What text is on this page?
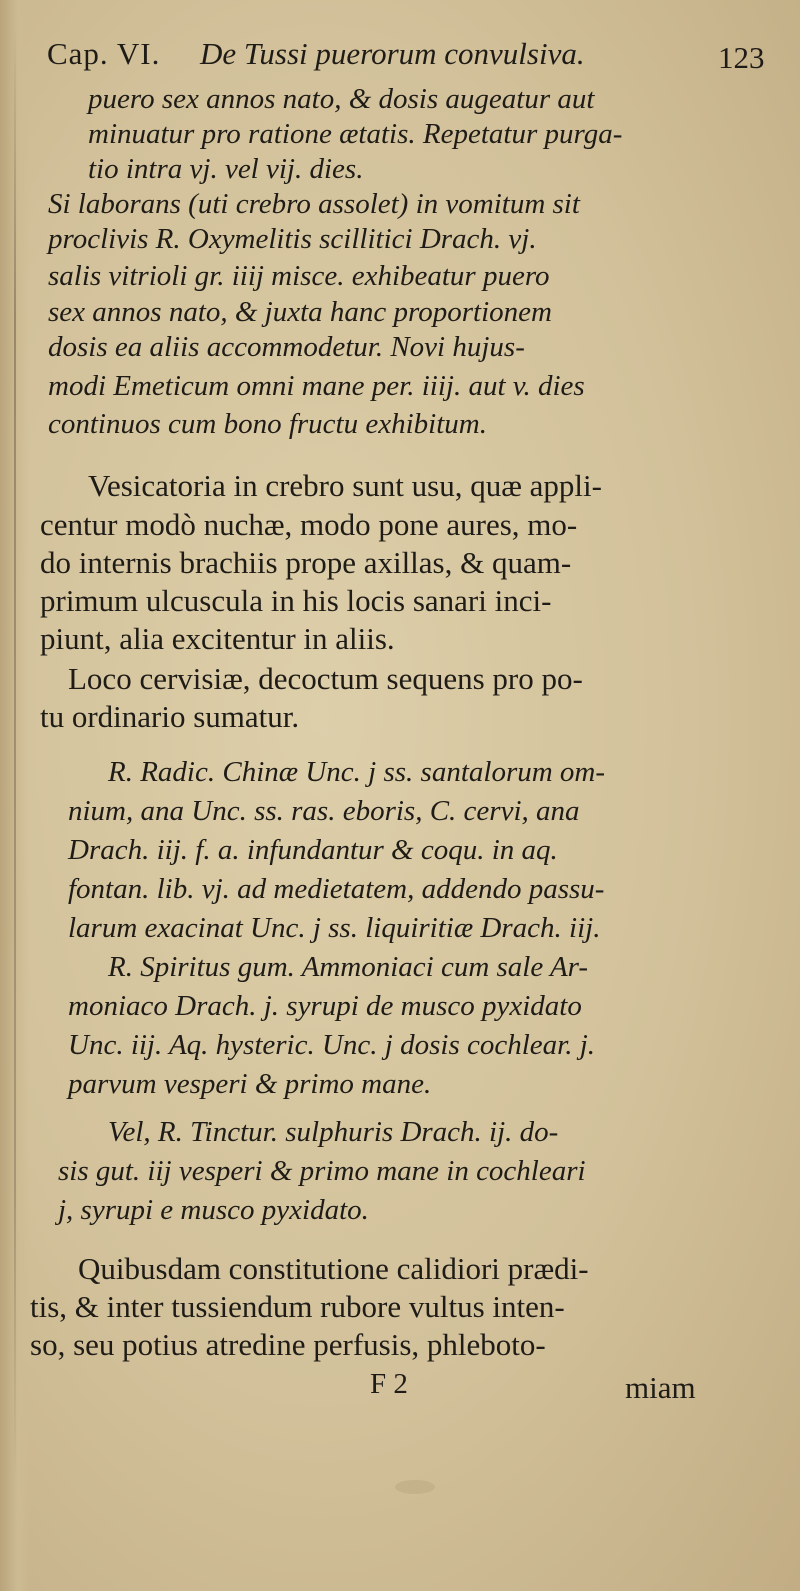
Cap. VI. De Tussi puerorum convulsiva.	123
puero sex annos nato, & dosis augeatur aut
minuatur pro ratione ætatis. Repetatur purga-
tio intra vj. vel vij. dies.
Si laborans (uti crebro assolet) in vomitum sit
proclivis R. Oxymelitis scillitici Drach. vj.
salis vitrioli gr. iiij misce. exhibeatur puero
sex annos nato, & juxta hanc proportionem
dosis ea aliis accommodetur. Novi hujus-
modi Emeticum omni mane per. iiij. aut v. dies
continuos cum bono fructu exhibitum.
Vesicatoria in crebro sunt usu, quæ appli-
centur modò nuchæ, modo pone aures, mo-
do internis brachiis prope axillas, & quam-
primum ulcuscula in his locis sanari inci-
piunt, alia excitentur in aliis.
Loco cervisiæ, decoctum sequens pro po-
tu ordinario sumatur.
R. Radic. Chinæ Unc. j ss. santalorum om-
nium, ana Unc. ss. ras. eboris, C. cervi, ana
Drach. iij. f. a. infundantur & coqu. in aq.
fontan. lib. vj. ad medietatem, addendo passu-
larum exacinat Unc. j ss. liquiritiæ Drach. iij.
R. Spiritus gum. Ammoniaci cum sale Ar-
moniaco Drach. j. syrupi de musco pyxidato
Unc. iij. Aq. hysteric. Unc. j dosis cochlear. j.
parvum vesperi & primo mane.
Vel, R. Tinctur. sulphuris Drach. ij. do-
sis gut. iij vesperi & primo mane in cochleari
j, syrupi e musco pyxidato.
Quibusdam constitutione calidiori prædi-
tis, & inter tussiendum rubore vultus inten-
so, seu potius atredine perfusis, phleboto-
F 2	miam
